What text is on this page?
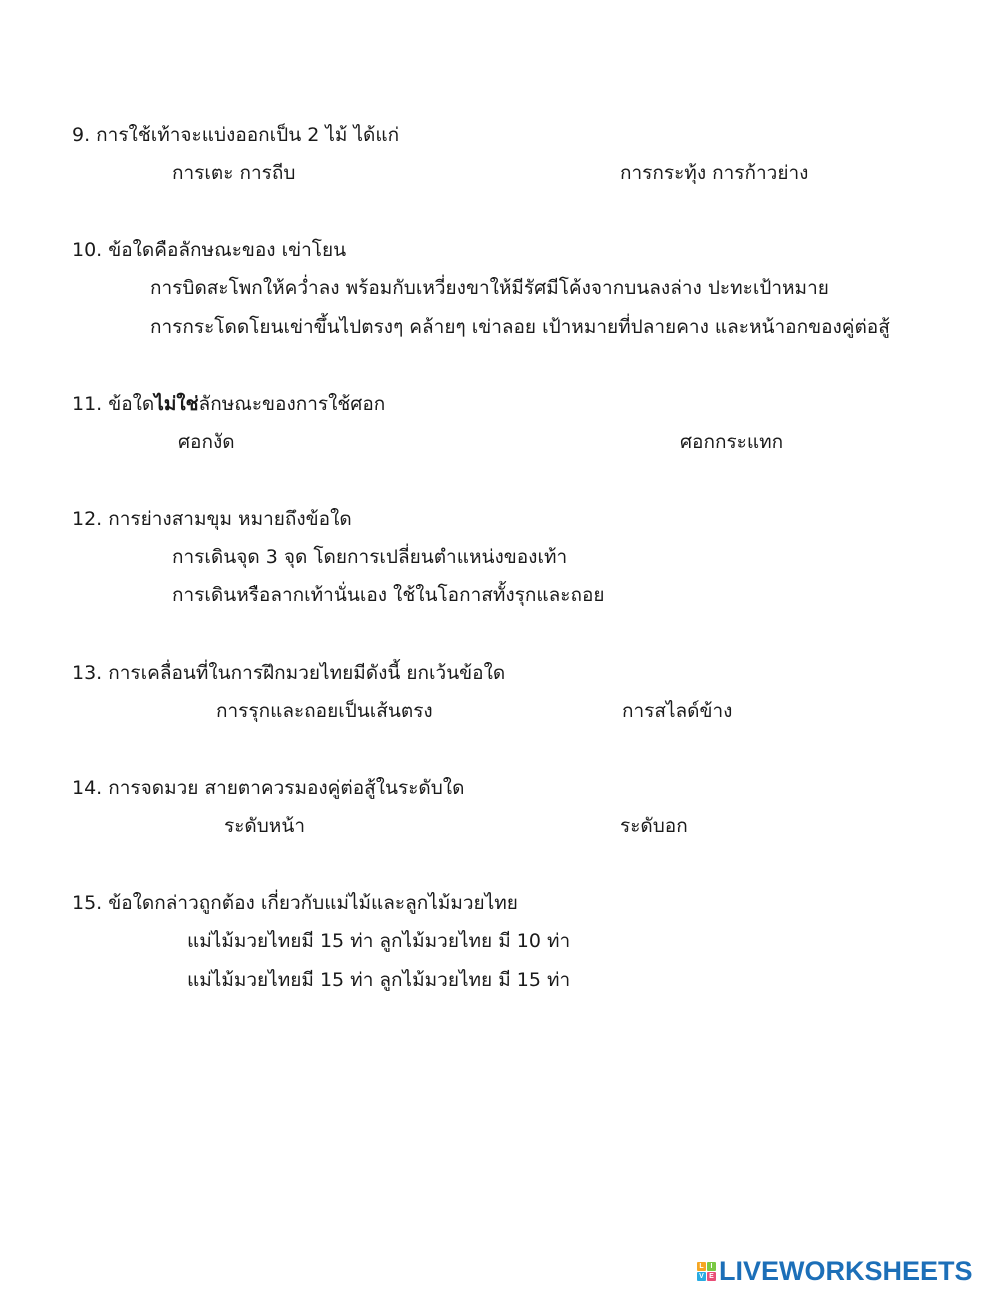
9. การใช้เท้าจะแบ่งออกเป็น 2 ไม้ ได้แก่

การเตะ การถีบ	การกระทุ้ง การก้าวย่าง

10. ข้อใดคือลักษณะของ เข่าโยน

การบิดสะโพกให้คว่ำลง พร้อมกับเหวี่ยงขาให้มีรัศมีโค้งจากบนลงล่าง ปะทะเป้าหมาย

การกระโดดโยนเข่าขึ้นไปตรงๆ คล้ายๆ เข่าลอย เป้าหมายที่ปลายคาง และหน้าอกของคู่ต่อสู้

11. ข้อใดไม่ใช่ลักษณะของการใช้ศอก

ศอกงัด	ศอกกระแทก

12. การย่างสามขุม หมายถึงข้อใด

การเดินจุด 3 จุด โดยการเปลี่ยนตำแหน่งของเท้า

การเดินหรือลากเท้านั่นเอง ใช้ในโอกาสทั้งรุกและถอย

13. การเคลื่อนที่ในการฝึกมวยไทยมีดังนี้ ยกเว้นข้อใด

การรุกและถอยเป็นเส้นตรง	การสไลด์ข้าง

14. การจดมวย สายตาควรมองคู่ต่อสู้ในระดับใด

ระดับหน้า	ระดับอก

15. ข้อใดกล่าวถูกต้อง เกี่ยวกับแม่ไม้และลูกไม้มวยไทย

แม่ไม้มวยไทยมี 15 ท่า ลูกไม้มวยไทย มี 10 ท่า

แม่ไม้มวยไทยมี 15 ท่า ลูกไม้มวยไทย มี 15 ท่า

L I
V E LIVEWORKSHEETS
